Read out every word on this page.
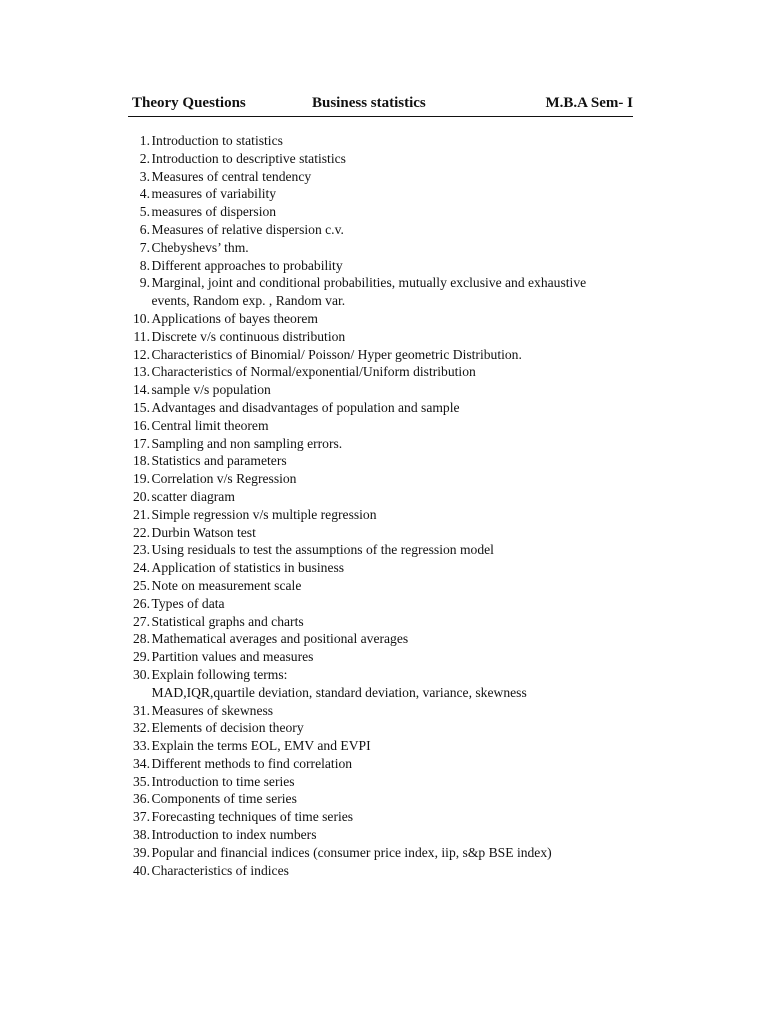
Theory Questions	Business statistics	M.B.A Sem- I
1. Introduction to statistics
2. Introduction to descriptive statistics
3. Measures of central tendency
4. measures of variability
5. measures of dispersion
6. Measures of relative dispersion c.v.
7. Chebyshevs’ thm.
8. Different approaches to probability
9. Marginal, joint and conditional probabilities, mutually exclusive and exhaustive
events, Random exp. , Random var.
10. Applications of bayes theorem
11. Discrete v/s continuous distribution
12. Characteristics of Binomial/ Poisson/ Hyper geometric Distribution.
13. Characteristics of Normal/exponential/Uniform distribution
14. sample v/s population
15. Advantages and disadvantages of population and sample
16. Central limit theorem
17. Sampling and non sampling errors.
18. Statistics and parameters
19. Correlation v/s Regression
20. scatter diagram
21. Simple regression v/s multiple regression
22. Durbin Watson test
23. Using residuals to test the assumptions of the regression model
24. Application of statistics in business
25. Note on measurement scale
26. Types of data
27. Statistical graphs and charts
28. Mathematical averages and positional averages
29. Partition values and measures
30. Explain following terms:
MAD,IQR,quartile deviation, standard deviation, variance, skewness
31. Measures of skewness
32. Elements of decision theory
33. Explain the terms EOL, EMV and EVPI
34. Different methods to find correlation
35. Introduction to time series
36. Components of time series
37. Forecasting techniques of time series
38. Introduction to index numbers
39. Popular and financial indices (consumer price index, iip, s&p BSE index)
40. Characteristics of indices
